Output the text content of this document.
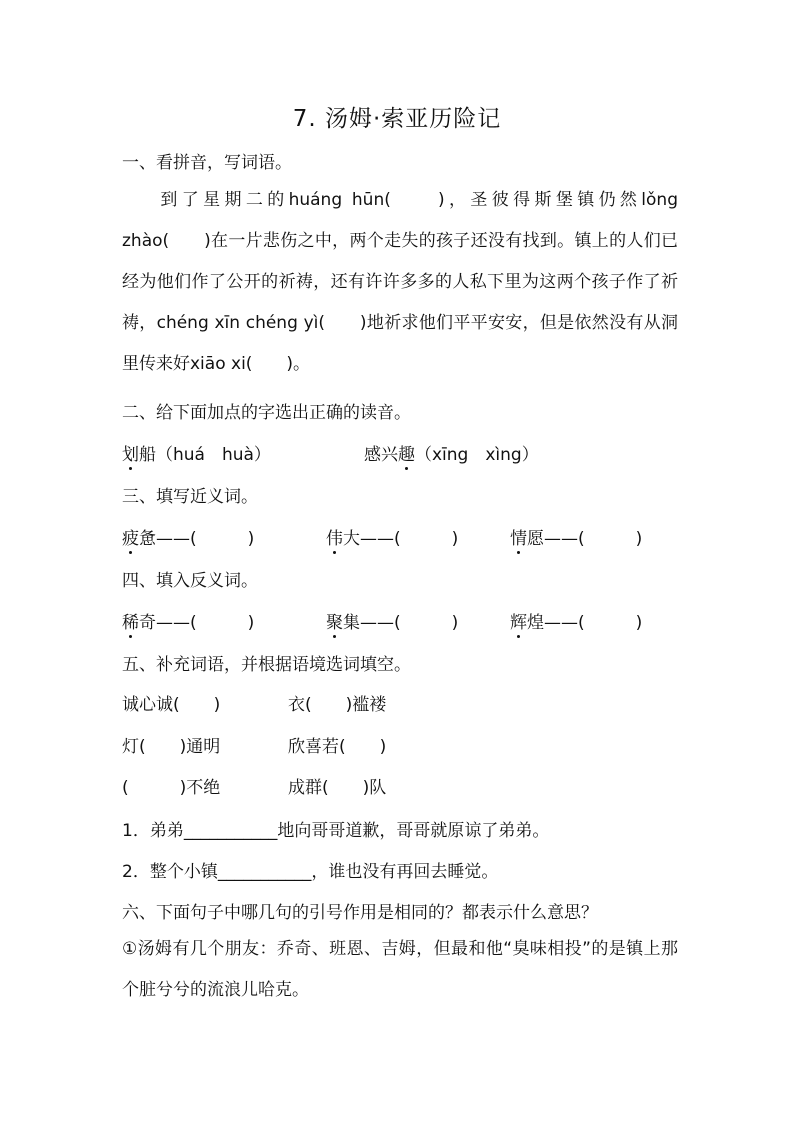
7. 汤姆·索亚历险记
一、看拼音，写词语。
到了星期二的huáng hūn(　　)，圣彼得斯堡镇仍然lǒng zhào(　　)在一片悲伤之中，两个走失的孩子还没有找到。镇上的人们已经为他们作了公开的祈祷，还有许许多多的人私下里为这两个孩子作了祈祷，chéng xīn chéng yì(　　)地祈求他们平平安安，但是依然没有从洞里传来好xiāo xi(　　)。
二、给下面加点的字选出正确的读音。
划船（huá　huà）	感兴趣（xīng　xìng）
三、填写近义词。
疲惫——(　　　)	伟大——(　　　)	情愿——(　　　)
四、填入反义词。
稀奇——(　　　)	聚集——(　　　)	辉煌——(　　　)
五、补充词语，并根据语境选词填空。
诚心诚(　　)	衣(　　)褴褛
灯(　　)通明	欣喜若(　　)
(　　　)不绝	成群(　　)队
1．弟弟___________地向哥哥道歉，哥哥就原谅了弟弟。
2．整个小镇___________，谁也没有再回去睡觉。
六、下面句子中哪几句的引号作用是相同的？都表示什么意思？
①汤姆有几个朋友：乔奇、班恩、吉姆，但最和他“臭味相投”的是镇上那个脏兮兮的流浪儿哈克。
